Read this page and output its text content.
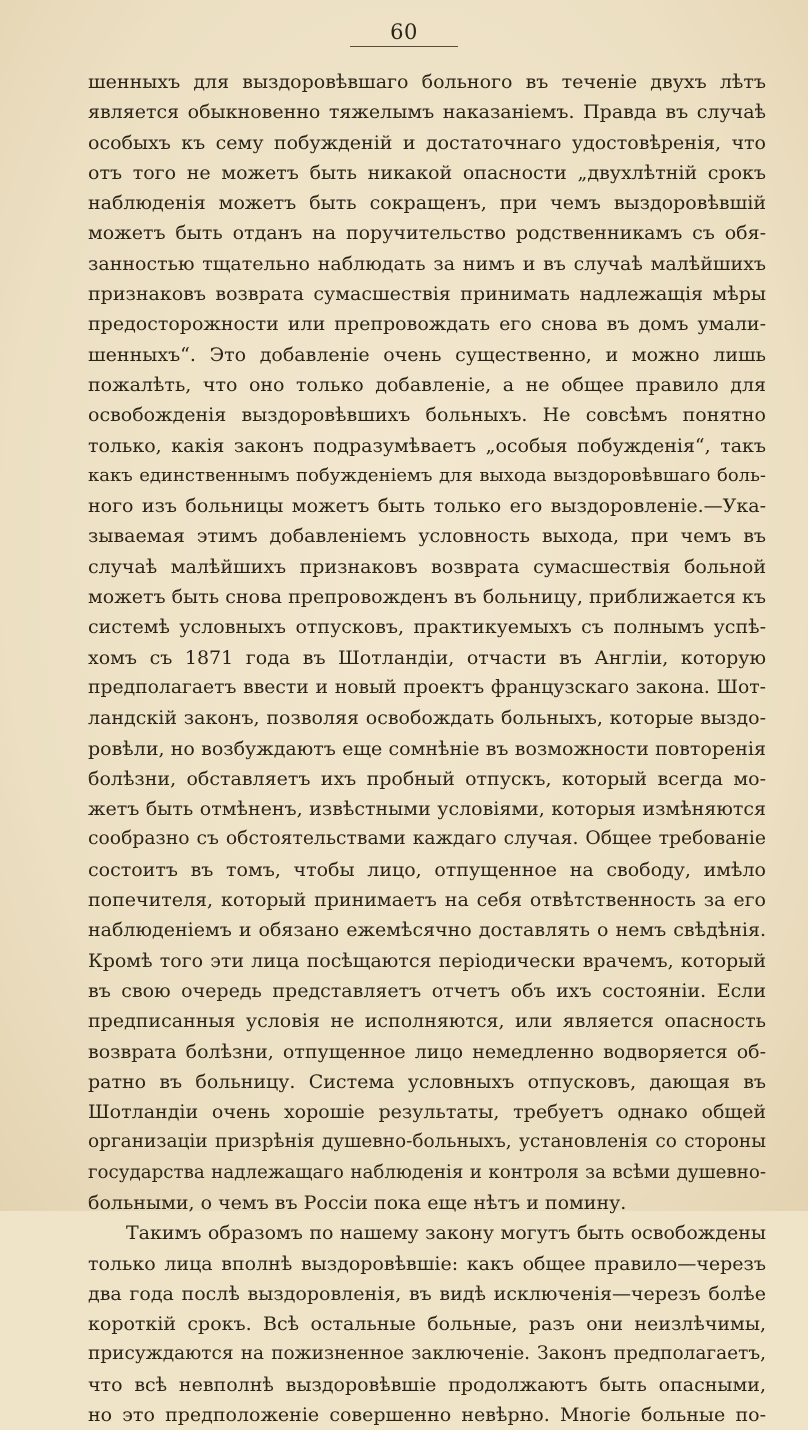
60
шенныхъ для выздоровѣвшаго больного въ теченіе двухъ лѣтъ
является обыкновенно тяжелымъ наказаніемъ. Правда въ случаѣ
особыхъ къ сему побужденій и достаточнаго удостовѣренія, что
отъ того не можетъ быть никакой опасности „двухлѣтній срокъ
наблюденія можетъ быть сокращенъ, при чемъ выздоровѣвшій
можетъ быть отданъ на поручительство родственникамъ съ обя-
занностью тщательно наблюдать за нимъ и въ случаѣ малѣйшихъ
признаковъ возврата сумасшествія принимать надлежащія мѣры
предосторожности или препровождать его снова въ домъ умали-
шенныхъ“. Это добавленіе очень существенно, и можно лишь
пожалѣть, что оно только добавленіе, а не общее правило для
освобожденія выздоровѣвшихъ больныхъ. Не совсѣмъ понятно
только, какія законъ подразумѣваетъ „особыя побужденія“, такъ
какъ единственнымъ побужденіемъ для выхода выздоровѣвшаго боль-
ного изъ больницы можетъ быть только его выздоровленіе.—Ука-
зываемая этимъ добавленіемъ условность выхода, при чемъ въ
случаѣ малѣйшихъ признаковъ возврата сумасшествія больной
можетъ быть снова препровожденъ въ больницу, приближается къ
системѣ условныхъ отпусковъ, практикуемыхъ съ полнымъ успѣ-
хомъ съ 1871 года въ Шотландіи, отчасти въ Англіи, которую
предполагаетъ ввести и новый проектъ французскаго закона. Шот-
ландскій законъ, позволяя освобождать больныхъ, которые выздо-
ровѣли, но возбуждаютъ еще сомнѣніе въ возможности повторенія
болѣзни, обставляетъ ихъ пробный отпускъ, который всегда мо-
жетъ быть отмѣненъ, извѣстными условіями, которыя измѣняются
сообразно съ обстоятельствами каждаго случая. Общее требованіе
состоитъ въ томъ, чтобы лицо, отпущенное на свободу, имѣло
попечителя, который принимаетъ на себя отвѣтственность за его
наблюденіемъ и обязано ежемѣсячно доставлять о немъ свѣдѣнія.
Кромѣ того эти лица посѣщаются періодически врачемъ, который
въ свою очередь представляетъ отчетъ объ ихъ состояніи. Если
предписанныя условія не исполняются, или является опасность
возврата болѣзни, отпущенное лицо немедленно водворяется об-
ратно въ больницу. Система условныхъ отпусковъ, дающая въ
Шотландіи очень хорошіе результаты, требуетъ однако общей
организаціи призрѣнія душевно-больныхъ, установленія со стороны
государства надлежащаго наблюденія и контроля за всѣми душевно-
больными, о чемъ въ Россіи пока еще нѣтъ и помину.
Такимъ образомъ по нашему закону могутъ быть освобождены
только лица вполнѣ выздоровѣвшіе: какъ общее правило—черезъ
два года послѣ выздоровленія, въ видѣ исключенія—черезъ болѣе
короткій срокъ. Всѣ остальные больные, разъ они неизлѣчимы,
присуждаются на пожизненное заключеніе. Законъ предполагаетъ,
что всѣ невполнѣ выздоровѣвшіе продолжаютъ быть опасными,
но это предположеніе совершенно невѣрно. Многіе больные по-
